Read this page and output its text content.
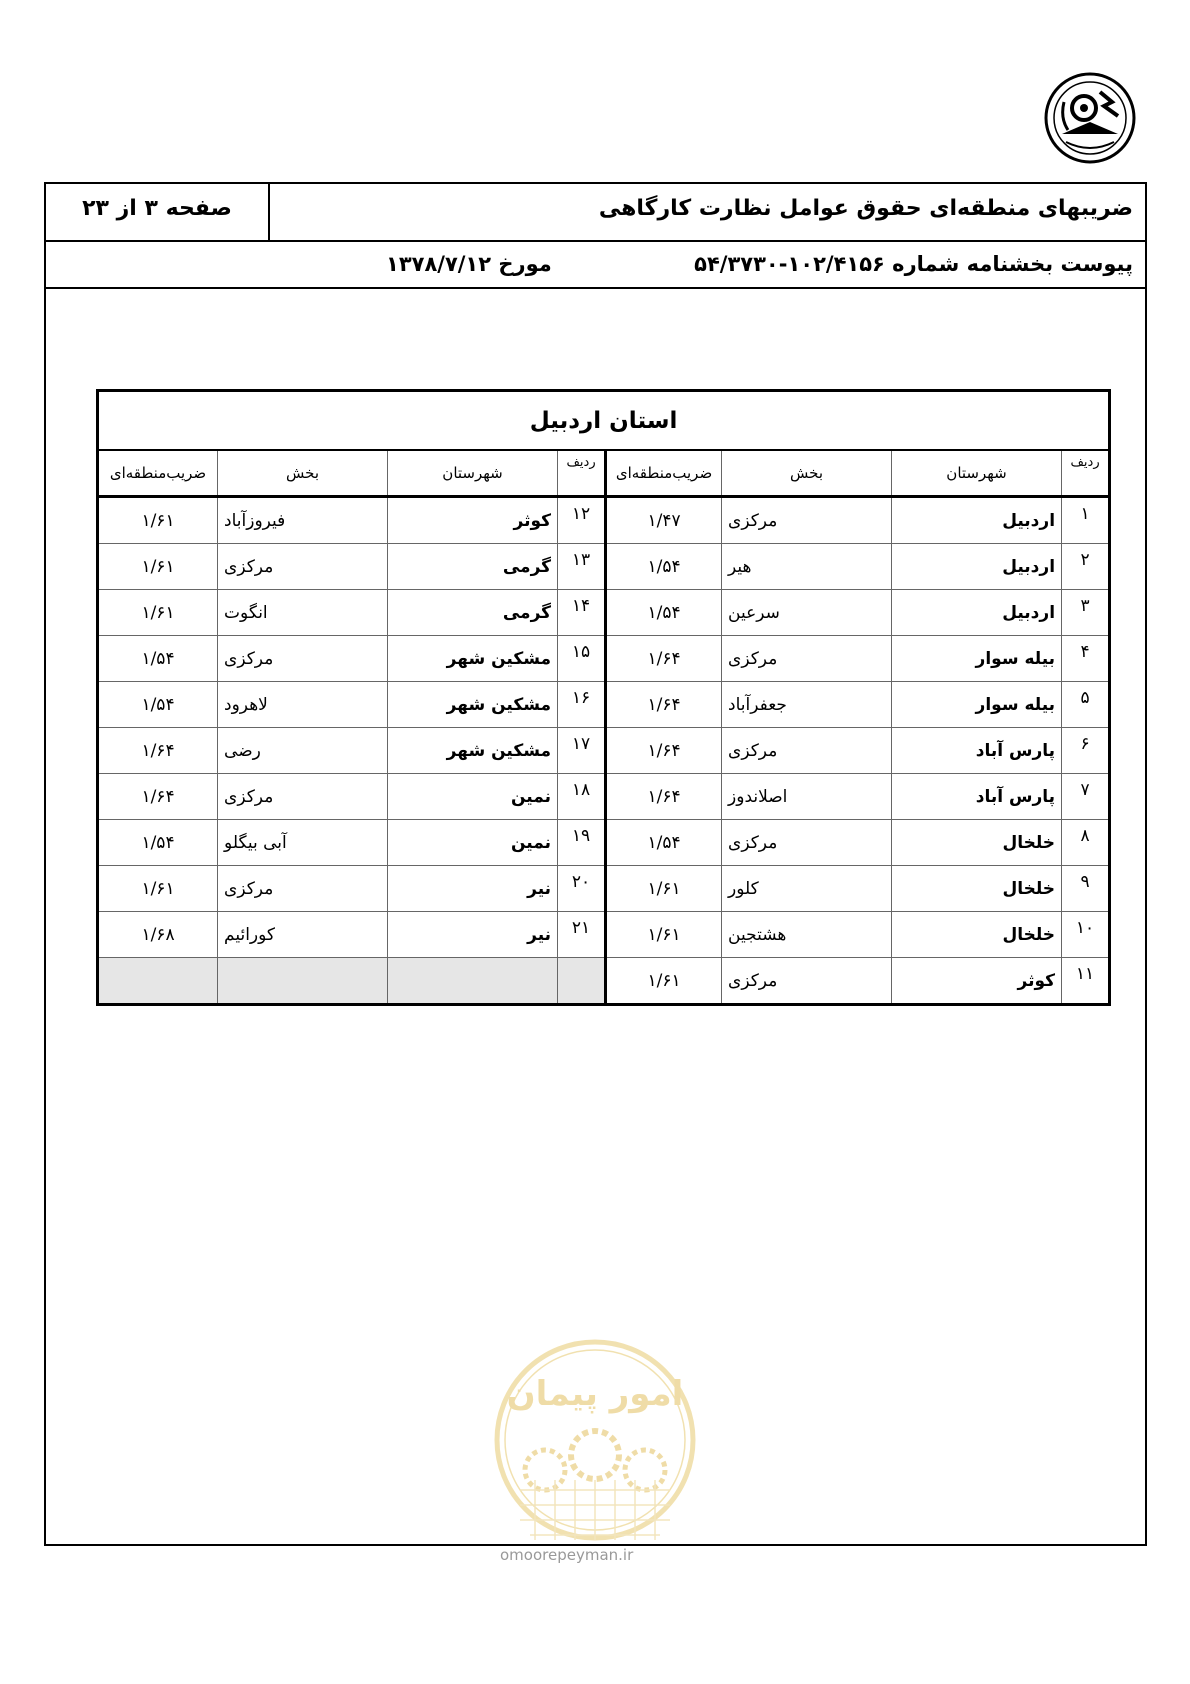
ضریبهای منطقه‌ای حقوق عوامل نظارت کارگاهی
صفحه ۳ از ۲۳
پیوست بخشنامه شماره ۱۰۲/۴۱۵۶-۵۴/۳۷۳۰
مورخ ۱۳۷۸/۷/۱۲
استان اردبیل							
ردیف	شهرستان	بخش	ضریب‌منطقه‌ای	ردیف	شهرستان	بخش	ضریب‌منطقه‌ای
۱	اردبیل	مرکزی	۱/۴۷	۱۲	کوثر	فیروزآباد	۱/۶۱
۲	اردبیل	هیر	۱/۵۴	۱۳	گرمی	مرکزی	۱/۶۱
۳	اردبیل	سرعین	۱/۵۴	۱۴	گرمی	انگوت	۱/۶۱
۴	بیله سوار	مرکزی	۱/۶۴	۱۵	مشکین شهر	مرکزی	۱/۵۴
۵	بیله سوار	جعفرآباد	۱/۶۴	۱۶	مشکین شهر	لاهرود	۱/۵۴
۶	پارس آباد	مرکزی	۱/۶۴	۱۷	مشکین شهر	رضی	۱/۶۴
۷	پارس آباد	اصلاندوز	۱/۶۴	۱۸	نمین	مرکزی	۱/۶۴
۸	خلخال	مرکزی	۱/۵۴	۱۹	نمین	آبی بیگلو	۱/۵۴
۹	خلخال	کلور	۱/۶۱	۲۰	نیر	مرکزی	۱/۶۱
۱۰	خلخال	هشتجین	۱/۶۱	۲۱	نیر	کورائیم	۱/۶۸
۱۱	کوثر	مرکزی	۱/۶۱				
امور پیمان
omoorepeyman.ir
